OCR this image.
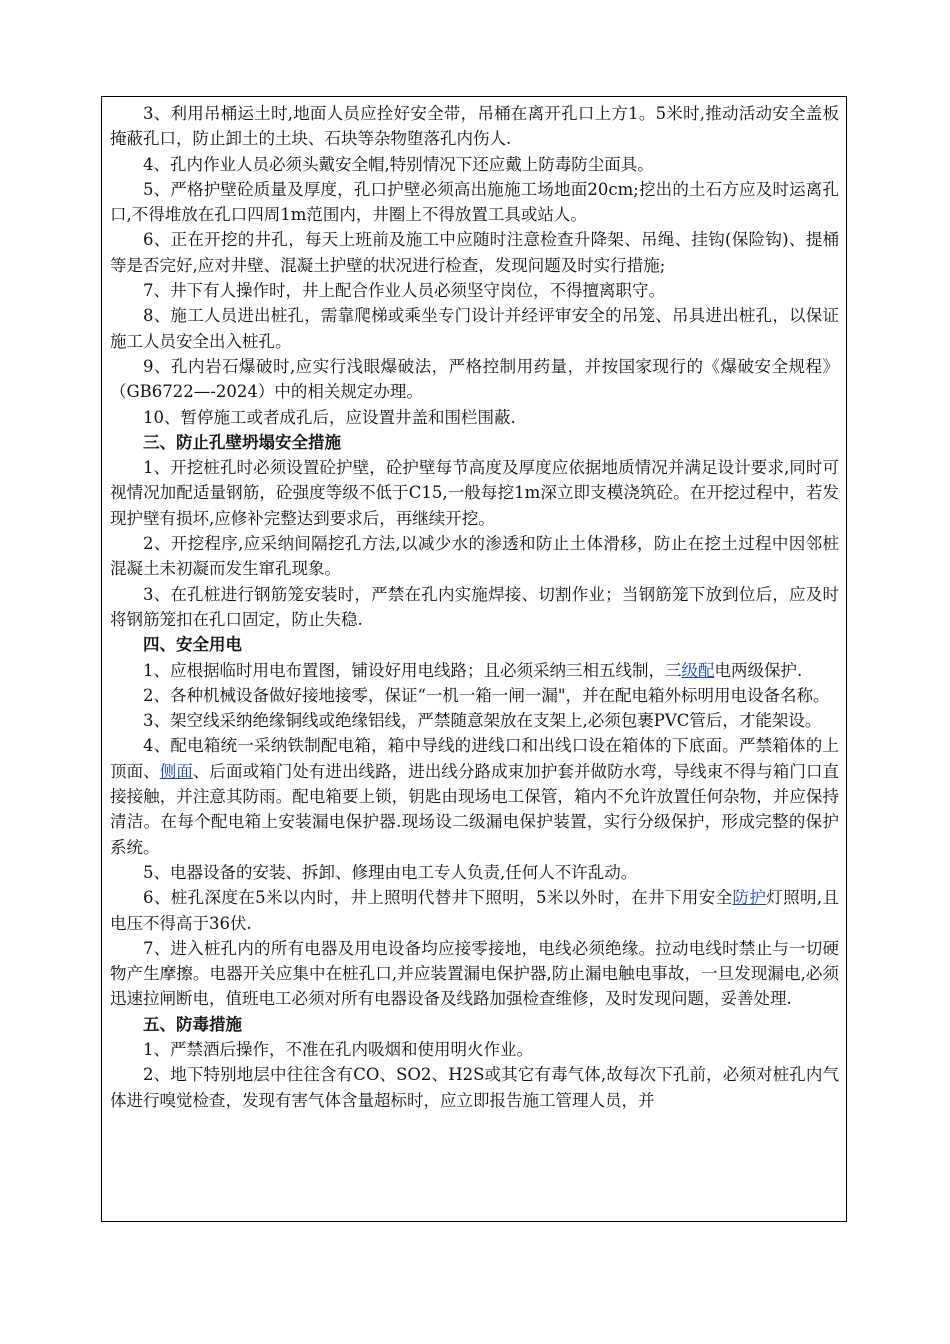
3、利用吊桶运土时,地面人员应拴好安全带，吊桶在离开孔口上方1。5米时,推动活动安全盖板掩蔽孔口，防止卸土的土块、石块等杂物堕落孔内伤人.

4、孔内作业人员必须头戴安全帽,特别情况下还应戴上防毒防尘面具。

5、严格护壁砼质量及厚度，孔口护壁必须高出施施工场地面20cm;挖出的土石方应及时运离孔口,不得堆放在孔口四周1m范围内，井圈上不得放置工具或站人。

6、正在开挖的井孔，每天上班前及施工中应随时注意检查升降架、吊绳、挂钩(保险钩)、提桶等是否完好,应对井壁、混凝土护壁的状况进行检查，发现问题及时实行措施;

7、井下有人操作时，井上配合作业人员必须坚守岗位，不得擅离职守。

8、施工人员进出桩孔，需靠爬梯或乘坐专门设计并经评审安全的吊笼、吊具进出桩孔，以保证施工人员安全出入桩孔。

9、孔内岩石爆破时,应实行浅眼爆破法，严格控制用药量，并按国家现行的《爆破安全规程》（GB6722—-2024）中的相关规定办理。

10、暂停施工或者成孔后，应设置井盖和围栏围蔽.

三、防止孔壁坍塌安全措施

1、开挖桩孔时必须设置砼护壁，砼护壁每节高度及厚度应依据地质情况并满足设计要求,同时可视情况加配适量钢筋，砼强度等级不低于C15,一般每挖1m深立即支模浇筑砼。在开挖过程中，若发现护壁有损坏,应修补完整达到要求后，再继续开挖。

2、开挖程序,应采纳间隔挖孔方法,以减少水的渗透和防止土体滑移，防止在挖土过程中因邻桩混凝土未初凝而发生窜孔现象。

3、在孔桩进行钢筋笼安装时，严禁在孔内实施焊接、切割作业；当钢筋笼下放到位后，应及时将钢筋笼扣在孔口固定，防止失稳.

四、安全用电

1、应根据临时用电布置图，铺设好用电线路；且必须采纳三相五线制，三级配电两级保护.

2、各种机械设备做好接地接零，保证“一机一箱一闸一漏"，并在配电箱外标明用电设备名称。

3、架空线采纳绝缘铜线或绝缘铝线，严禁随意架放在支架上,必须包裹PVC管后，才能架设。

4、配电箱统一采纳铁制配电箱，箱中导线的进线口和出线口设在箱体的下底面。严禁箱体的上顶面、侧面、后面或箱门处有进出线路，进出线分路成束加护套并做防水弯，导线束不得与箱门口直接接触，并注意其防雨。配电箱要上锁，钥匙由现场电工保管，箱内不允许放置任何杂物，并应保持清洁。在每个配电箱上安装漏电保护器.现场设二级漏电保护装置，实行分级保护，形成完整的保护系统。

5、电器设备的安装、拆卸、修理由电工专人负责,任何人不许乱动。

6、桩孔深度在5米以内时，井上照明代替井下照明，5米以外时，在井下用安全防护灯照明,且电压不得高于36伏.

7、进入桩孔内的所有电器及用电设备均应接零接地，电线必须绝缘。拉动电线时禁止与一切硬物产生摩擦。电器开关应集中在桩孔口,并应装置漏电保护器,防止漏电触电事故，一旦发现漏电,必须迅速拉闸断电，值班电工必须对所有电器设备及线路加强检查维修，及时发现问题，妥善处理.

五、防毒措施

1、严禁酒后操作，不准在孔内吸烟和使用明火作业。

2、地下特别地层中往往含有CO、SO2、H2S或其它有毒气体,故每次下孔前，必须对桩孔内气体进行嗅觉检查，发现有害气体含量超标时，应立即报告施工管理人员，并
